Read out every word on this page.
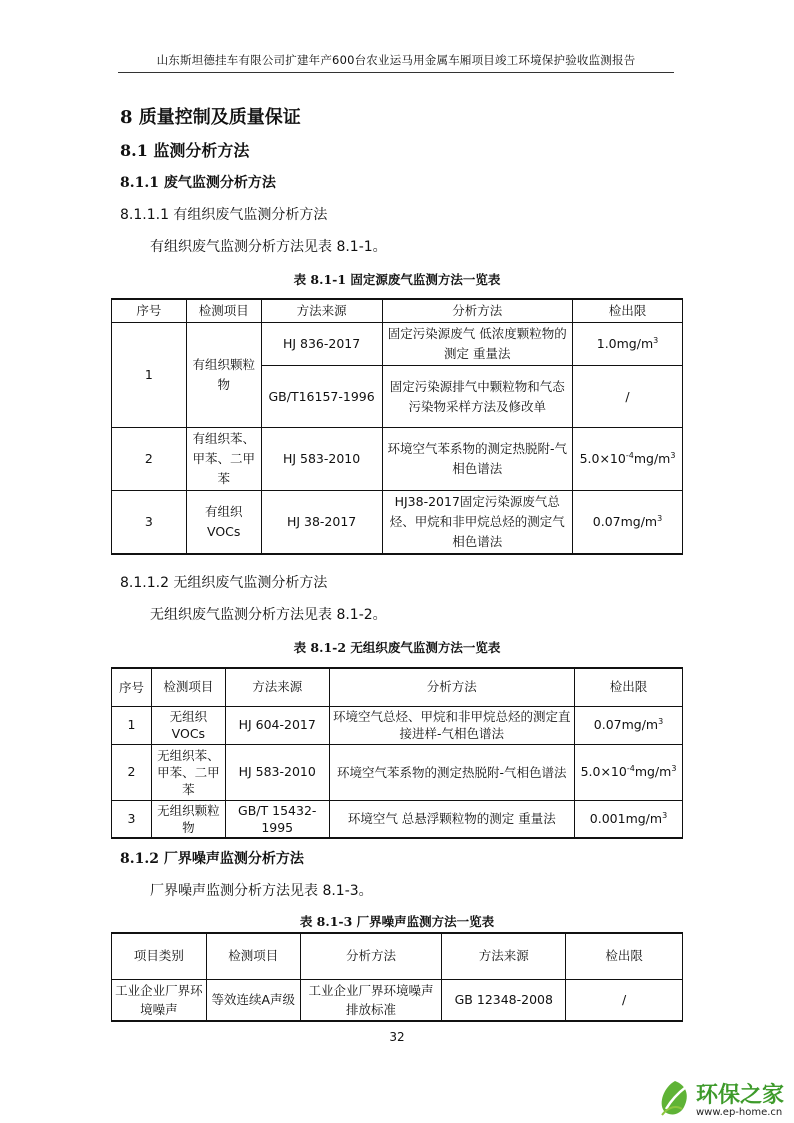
山东斯坦德挂车有限公司扩建年产600台农业运马用金属车厢项目竣工环境保护验收监测报告
8 质量控制及质量保证
8.1 监测分析方法
8.1.1 废气监测分析方法
8.1.1.1 有组织废气监测分析方法
有组织废气监测分析方法见表 8.1-1。
表 8.1-1 固定源废气监测方法一览表
序号	检测项目	方法来源	分析方法	检出限
1	有组织颗粒物	HJ 836-2017	固定污染源废气 低浓度颗粒物的测定 重量法	$1.0mg/m^3$
		GB/T16157-1996	固定污染源排气中颗粒物和气态污染物采样方法及修改单	/
2	有组织苯、甲苯、二甲苯	HJ 583-2010	环境空气苯系物的测定热脱附-气相色谱法	$5.0\times 10^{-4}mg/m^3$
3	有组织VOCs	HJ 38-2017	HJ38-2017固定污染源废气总烃、甲烷和非甲烷总烃的测定气相色谱法	$0.07mg/m^3$
8.1.1.2 无组织废气监测分析方法
无组织废气监测分析方法见表 8.1-2。
表 8.1-2 无组织废气监测方法一览表
序号	检测项目	方法来源	分析方法	检出限
1	无组织VOCs	HJ 604-2017	环境空气总烃、甲烷和非甲烷总烃的测定直接进样-气相色谱法	$0.07mg/m^3$
2	无组织苯、甲苯、二甲苯	HJ 583-2010	环境空气苯系物的测定热脱附-气相色谱法	$5.0\times 10^{-4}mg/m^3$
3	无组织颗粒物	GB/T 15432-1995	环境空气 总悬浮颗粒物的测定 重量法	$0.001mg/m^3$
8.1.2 厂界噪声监测分析方法
厂界噪声监测分析方法见表 8.1-3。
表 8.1-3 厂界噪声监测方法一览表
项目类别	检测项目	分析方法	方法来源	检出限
工业企业厂界环境噪声	等效连续A声级	工业企业厂界环境噪声排放标准	GB 12348-2008	/
32
环保之家
www.ep-home.cn
